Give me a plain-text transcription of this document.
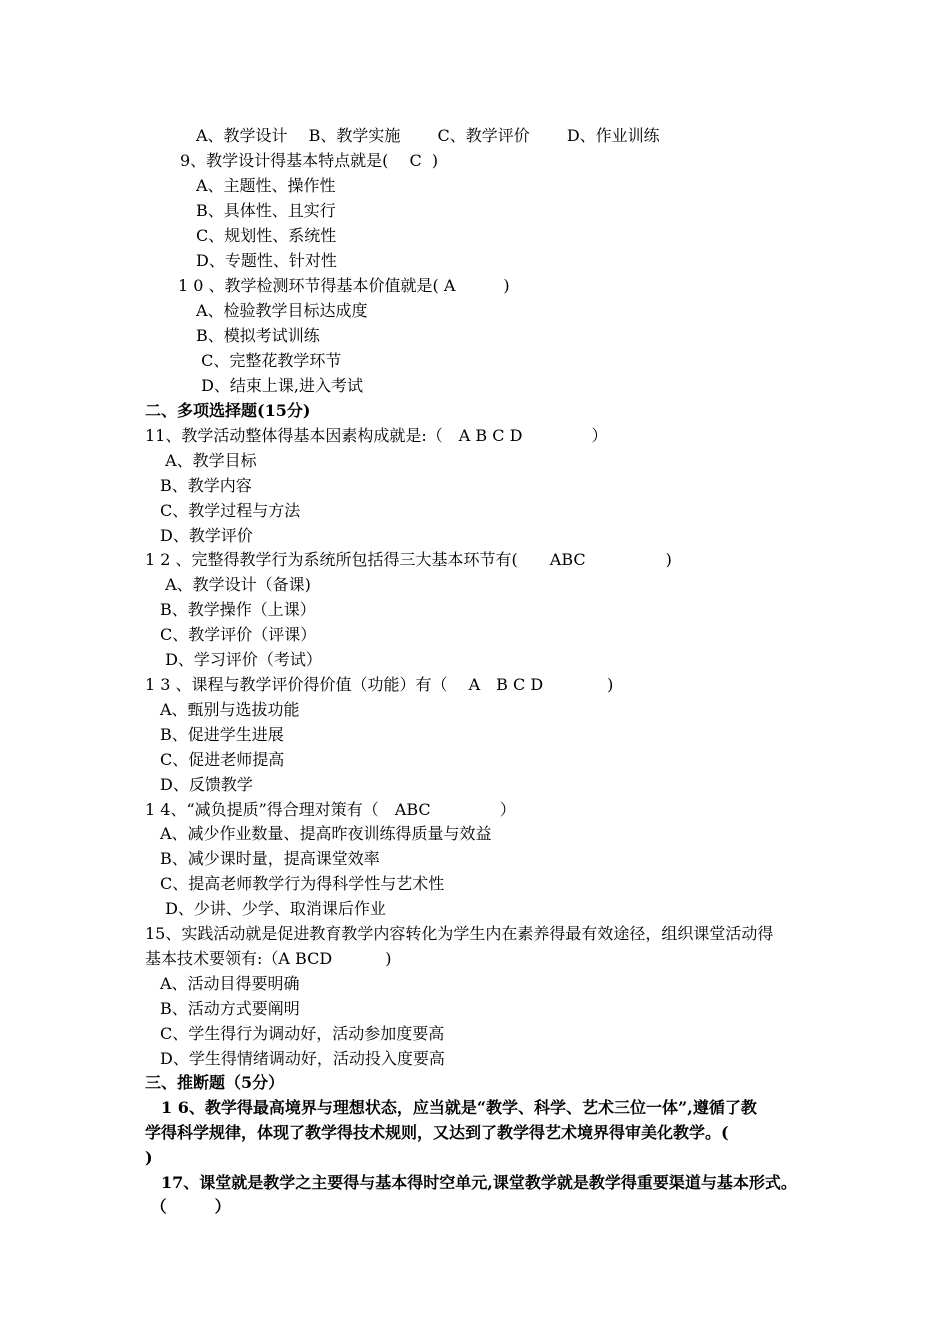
A、教学设计　 B、教学实施　　 C、教学评价　　 D、作业训练
9、教学设计得基本特点就是(　 C  )
A、主题性、操作性
B、具体性、且实行
C、规划性、系统性
D、专题性、针对性
1 0 、教学检测环节得基本价值就是( A　　　)
A、检验教学目标达成度
B、模拟考试训练
C、完整花教学环节
D、结束上课,进入考试
二、多项选择题(15分)
11、教学活动整体得基本因素构成就是:（　A B C D　　　　 ）
A、教学目标
B、教学内容
C、教学过程与方法
D、教学评价
1 2 、完整得教学行为系统所包括得三大基本环节有(　　ABC　　　　　)
A、教学设计（备课)
B、教学操作（上课）
C、教学评价（评课）
D、学习评价（考试）
1 3 、课程与教学评价得价值（功能）有（　 A　B C D　　　　)
A、甄别与选拔功能
B、促进学生进展
C、促进老师提高
D、反馈教学
1 4、“减负提质”得合理对策有（　ABC　　　　 ）
A、减少作业数量、提高昨夜训练得质量与效益
B、减少课时量，提高课堂效率
C、提高老师教学行为得科学性与艺术性
D、少讲、少学、取消课后作业
15、实践活动就是促进教育教学内容转化为学生内在素养得最有效途径，组织课堂活动得
基本技术要领有:（A BCD　　　 )
A、活动目得要明确
B、活动方式要阐明
C、学生得行为调动好，活动参加度要高
D、学生得情绪调动好，活动投入度要高
三、推断题（5分）
　1 6、教学得最高境界与理想状态，应当就是“教学、科学、艺术三位一体”,遵循了教
学得科学规律，体现了教学得技术规则，又达到了教学得艺术境界得审美化教学。(
)
　17、课堂就是教学之主要得与基本得时空单元,课堂教学就是教学得重要渠道与基本形式。
（　　　）
